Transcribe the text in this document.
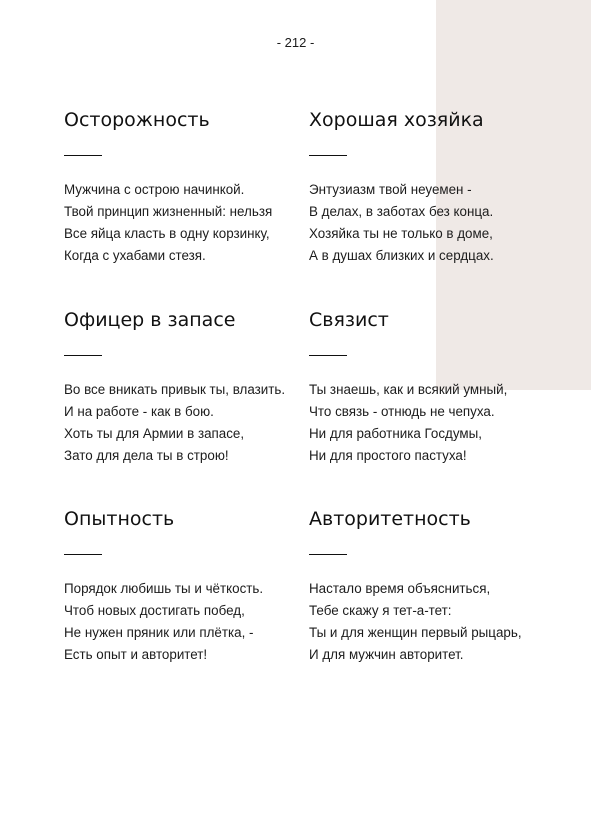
- 212 -
Осторожность
Мужчина с острою начинкой.
Твой принцип жизненный: нельзя
Все яйца класть в одну корзинку,
Когда с ухабами стезя.
Хорошая хозяйка
Энтузиазм твой неуемен -
В делах, в заботах без конца.
Хозяйка ты не только в доме,
А в душах близких и сердцах.
Офицер в запасе
Во все вникать привык ты, влазить.
И на работе - как в бою.
Хоть ты для Армии в запасе,
Зато для дела ты в строю!
Связист
Ты знаешь, как и всякий умный,
Что связь - отнюдь не чепуха.
Ни для работника Госдумы,
Ни для простого пастуха!
Опытность
Порядок любишь ты и чёткость.
Чтоб новых достигать побед,
Не нужен пряник или плётка, -
Есть опыт и авторитет!
Авторитетность
Настало время объясниться,
Тебе скажу я тет-а-тет:
Ты и для женщин первый рыцарь,
И для мужчин авторитет.
